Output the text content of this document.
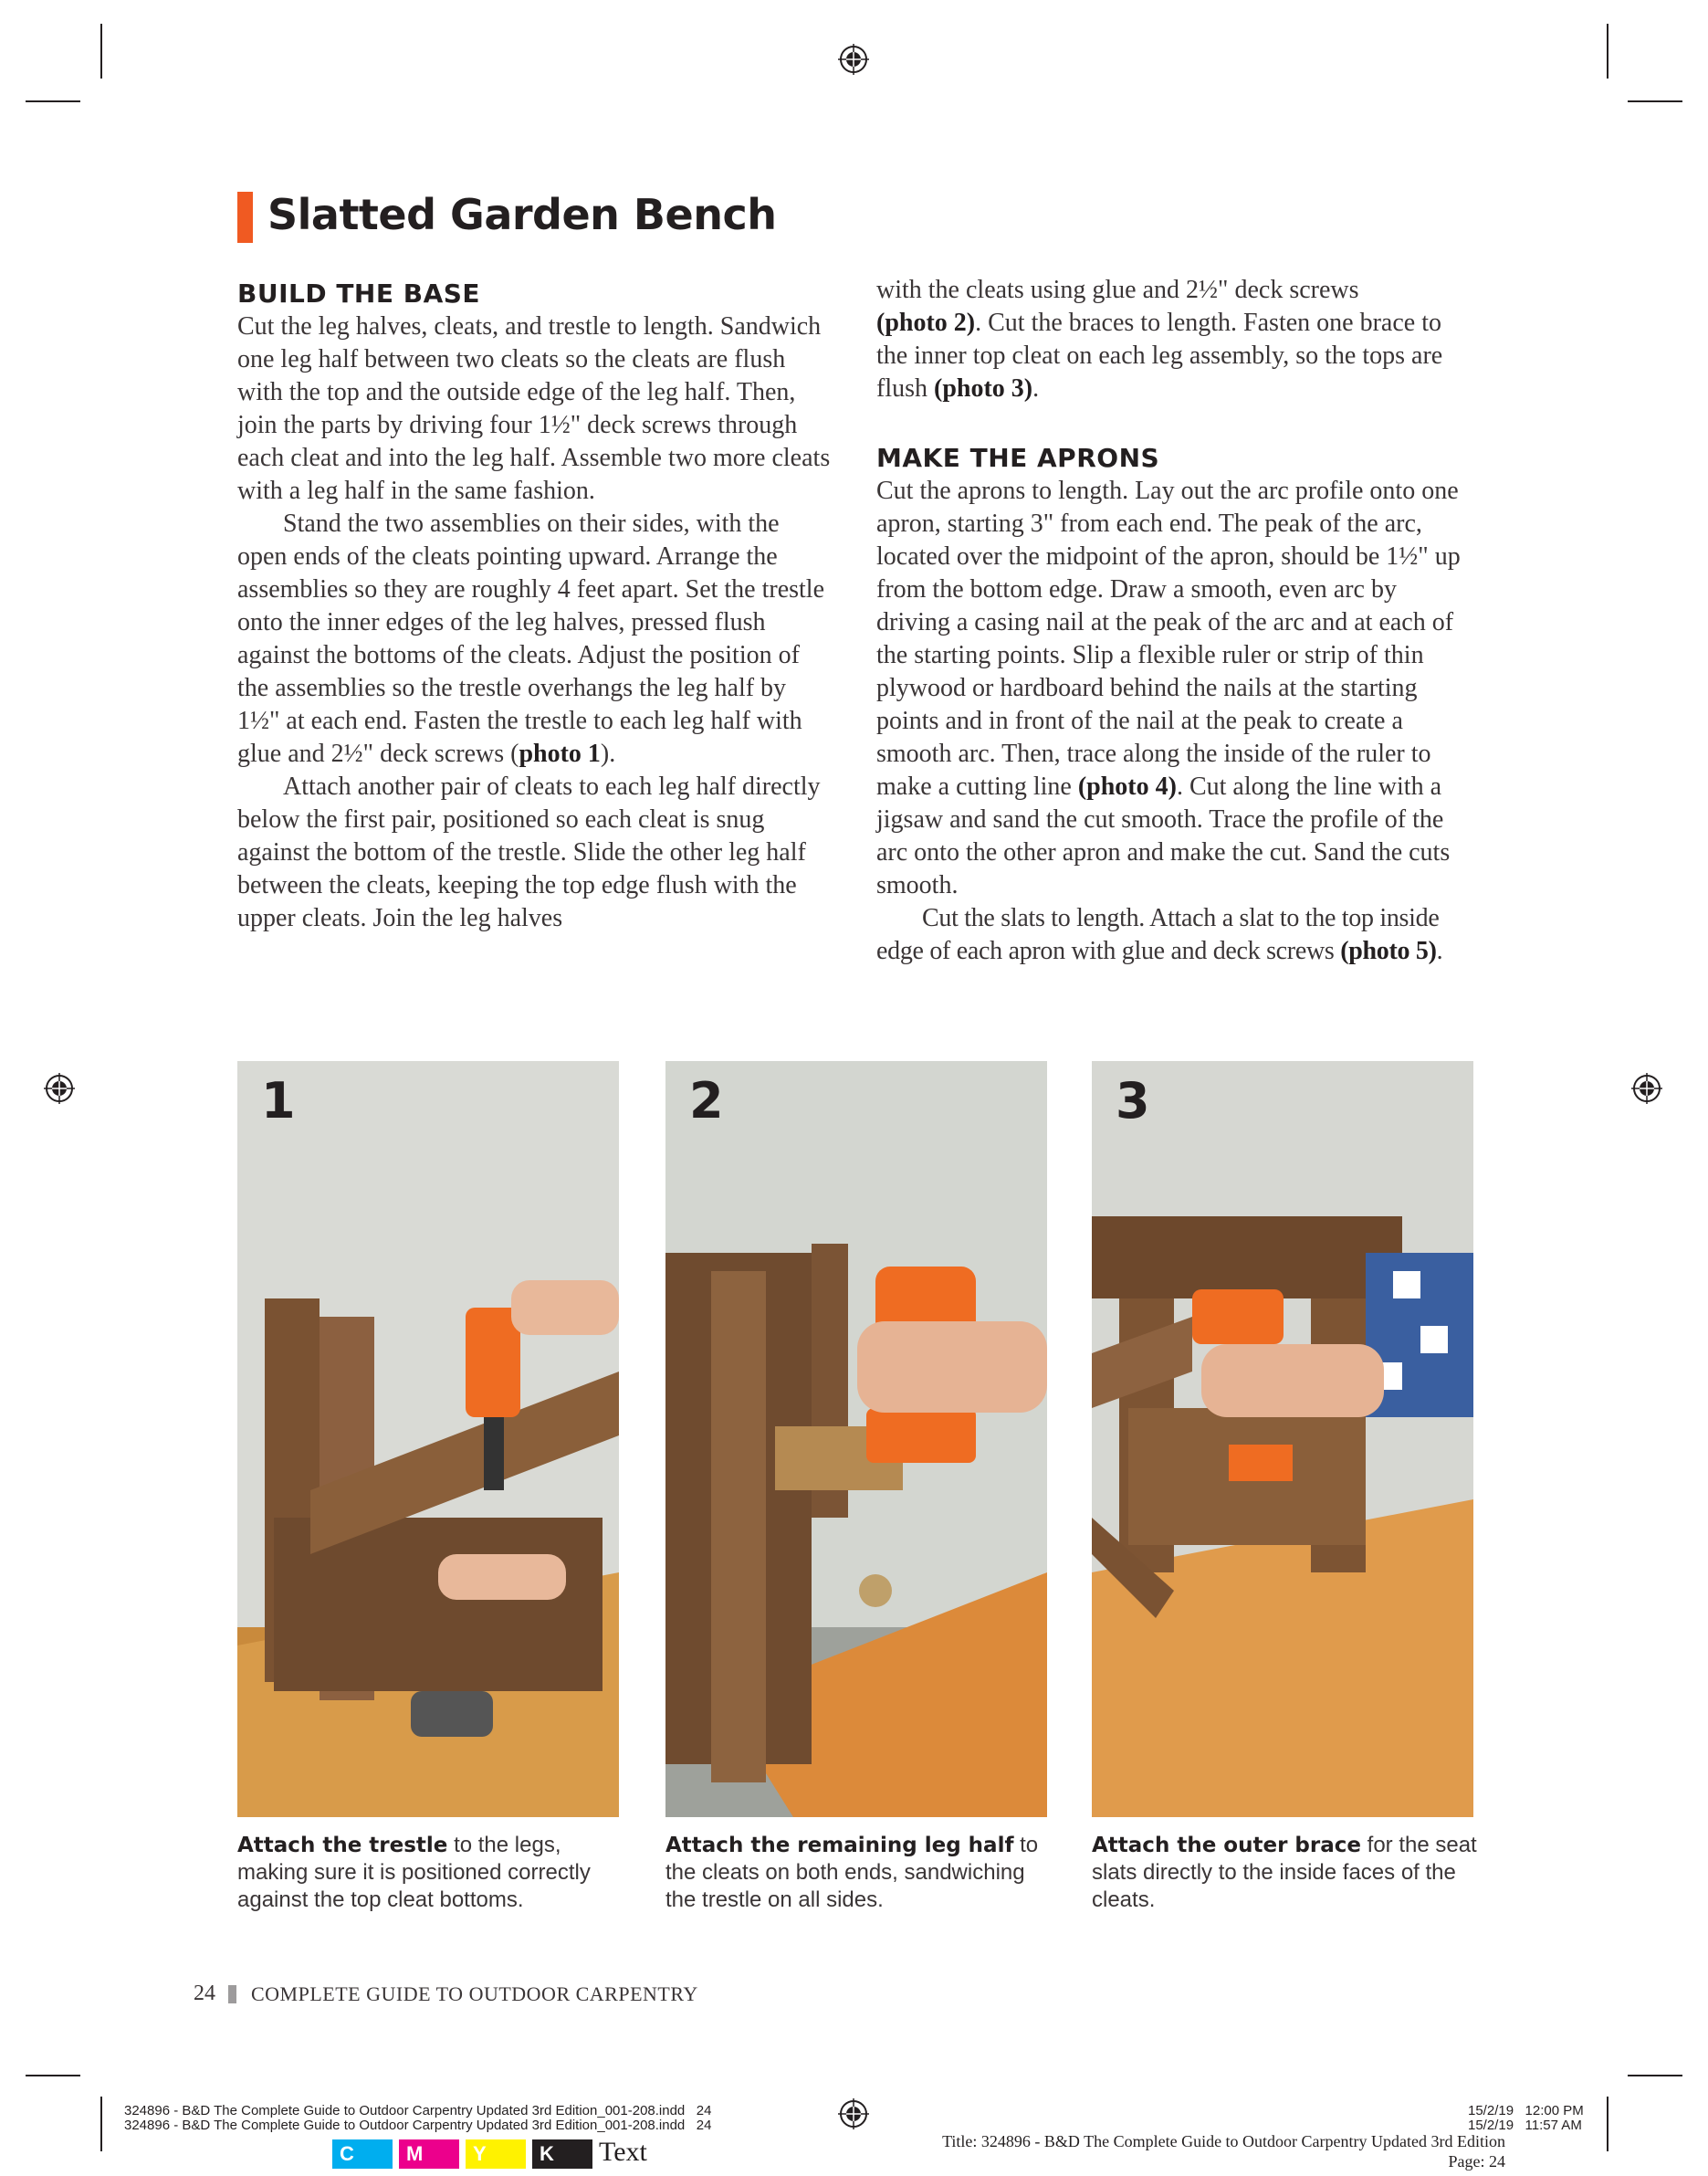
Slatted Garden Bench
BUILD THE BASE

Cut the leg halves, cleats, and trestle to length. Sandwich one leg half between two cleats so the cleats are flush with the top and the outside edge of the leg half. Then, join the parts by driving four 1½" deck screws through each cleat and into the leg half. Assemble two more cleats with a leg half in the same fashion.

Stand the two assemblies on their sides, with the open ends of the cleats pointing upward. Arrange the assemblies so they are roughly 4 feet apart. Set the trestle onto the inner edges of the leg halves, pressed flush against the bottoms of the cleats. Adjust the position of the assemblies so the trestle overhangs the leg half by 1½" at each end. Fasten the trestle to each leg half with glue and 2½" deck screws (photo 1).

Attach another pair of cleats to each leg half directly below the first pair, positioned so each cleat is snug against the bottom of the trestle. Slide the other leg half between the cleats, keeping the top edge flush with the upper cleats. Join the leg halves

with the cleats using glue and 2½" deck screws
(photo 2). Cut the braces to length. Fasten one brace to the inner top cleat on each leg assembly, so the tops are flush (photo 3).

MAKE THE APRONS

Cut the aprons to length. Lay out the arc profile onto one apron, starting 3" from each end. The peak of the arc, located over the midpoint of the apron, should be 1½" up from the bottom edge. Draw a smooth, even arc by driving a casing nail at the peak of the arc and at each of the starting points. Slip a flexible ruler or strip of thin plywood or hardboard behind the nails at the starting points and in front of the nail at the peak to create a smooth arc. Then, trace along the inside of the ruler to make a cutting line (photo 4). Cut along the line with a jigsaw and sand the cut smooth. Trace the profile of the arc onto the other apron and make the cut. Sand the cuts smooth.

Cut the slats to length. Attach a slat to the top inside edge of each apron with glue and deck screws (photo 5).

1	2	3
Attach the trestle to the legs, making sure it is positioned correctly against the top cleat bottoms.
Attach the remaining leg half to the cleats on both ends, sandwiching the trestle on all sides.
Attach the outer brace for the seat slats directly to the inside faces of the cleats.
24 COMPLETE GUIDE TO OUTDOOR CARPENTRY
324896 - B&D The Complete Guide to Outdoor Carpentry Updated 3rd Edition_001-208.indd   24
324896 - B&D The Complete Guide to Outdoor Carpentry Updated 3rd Edition_001-208.indd   24
15/2/19   12:00 PM
15/2/19   11:57 AM
C	M	Y	K	Text	Title: 324896 - B&D The Complete Guide to Outdoor Carpentry Updated 3rd Edition
Page: 24
